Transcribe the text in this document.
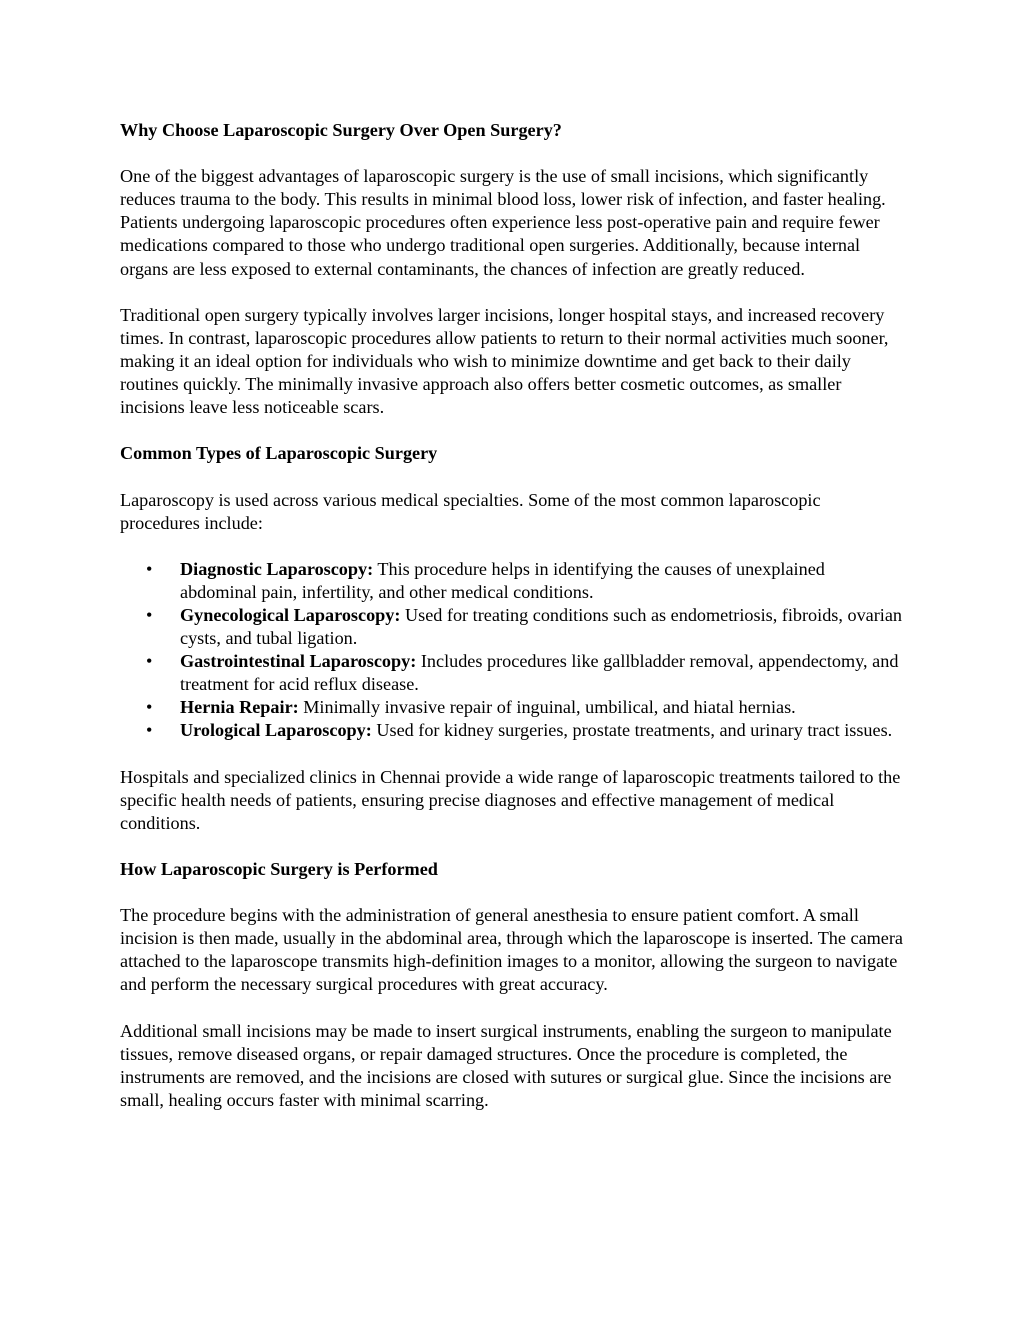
Why Choose Laparoscopic Surgery Over Open Surgery?

One of the biggest advantages of laparoscopic surgery is the use of small incisions, which significantly reduces trauma to the body. This results in minimal blood loss, lower risk of infection, and faster healing. Patients undergoing laparoscopic procedures often experience less post-operative pain and require fewer medications compared to those who undergo traditional open surgeries. Additionally, because internal organs are less exposed to external contaminants, the chances of infection are greatly reduced.

Traditional open surgery typically involves larger incisions, longer hospital stays, and increased recovery times. In contrast, laparoscopic procedures allow patients to return to their normal activities much sooner, making it an ideal option for individuals who wish to minimize downtime and get back to their daily routines quickly. The minimally invasive approach also offers better cosmetic outcomes, as smaller incisions leave less noticeable scars.

Common Types of Laparoscopic Surgery

Laparoscopy is used across various medical specialties. Some of the most common laparoscopic procedures include:

• Diagnostic Laparoscopy: This procedure helps in identifying the causes of unexplained abdominal pain, infertility, and other medical conditions.
• Gynecological Laparoscopy: Used for treating conditions such as endometriosis, fibroids, ovarian cysts, and tubal ligation.
• Gastrointestinal Laparoscopy: Includes procedures like gallbladder removal, appendectomy, and treatment for acid reflux disease.
• Hernia Repair: Minimally invasive repair of inguinal, umbilical, and hiatal hernias.
• Urological Laparoscopy: Used for kidney surgeries, prostate treatments, and urinary tract issues.

Hospitals and specialized clinics in Chennai provide a wide range of laparoscopic treatments tailored to the specific health needs of patients, ensuring precise diagnoses and effective management of medical conditions.

How Laparoscopic Surgery is Performed

The procedure begins with the administration of general anesthesia to ensure patient comfort. A small incision is then made, usually in the abdominal area, through which the laparoscope is inserted. The camera attached to the laparoscope transmits high-definition images to a monitor, allowing the surgeon to navigate and perform the necessary surgical procedures with great accuracy.

Additional small incisions may be made to insert surgical instruments, enabling the surgeon to manipulate tissues, remove diseased organs, or repair damaged structures. Once the procedure is completed, the instruments are removed, and the incisions are closed with sutures or surgical glue. Since the incisions are small, healing occurs faster with minimal scarring.
